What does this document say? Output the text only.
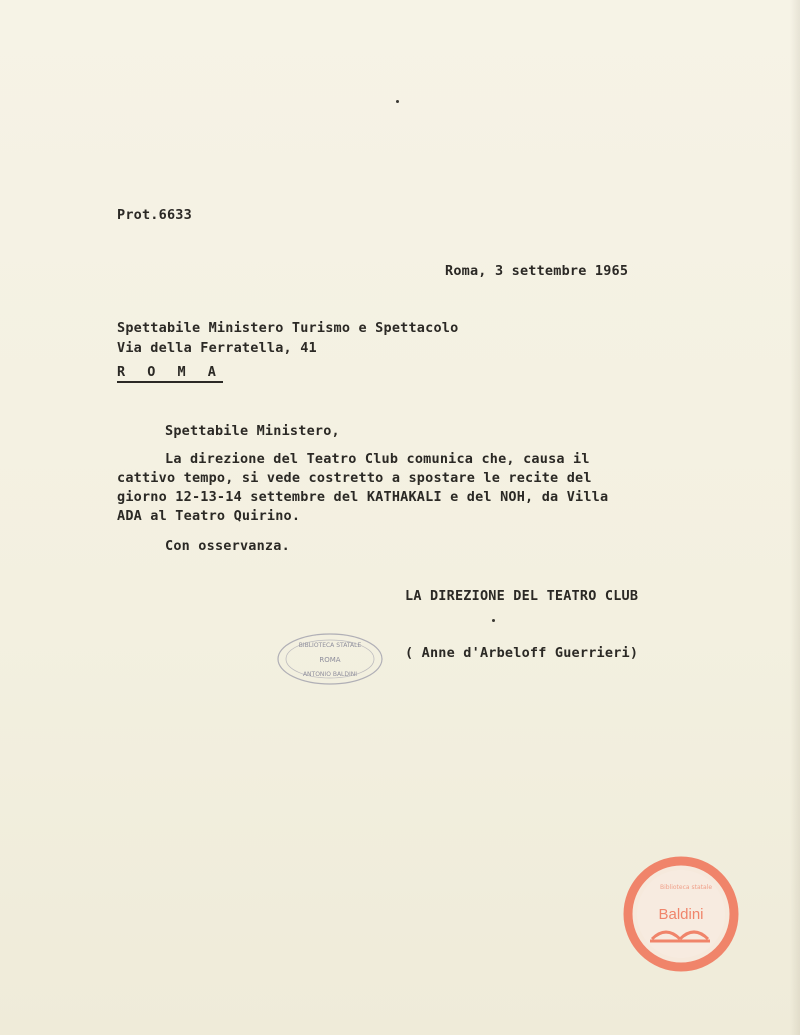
Prot.6633
Roma, 3 settembre 1965
Spettabile Ministero Turismo e Spettacolo
Via della Ferratella, 41
R O M A
Spettabile Ministero,
La direzione del Teatro Club comunica che, causa il
cattivo tempo, si vede costretto a spostare le recite del
giorno 12-13-14 settembre del KATHAKALI e del NOH, da Villa
ADA al Teatro Quirino.
Con osservanza.
LA DIREZIONE DEL TEATRO CLUB
( Anne d'Arbeloff Guerrieri)
BIBLIOTECA STATALE
ROMA
ANTONIO BALDINI
Biblioteca statale
Baldini
